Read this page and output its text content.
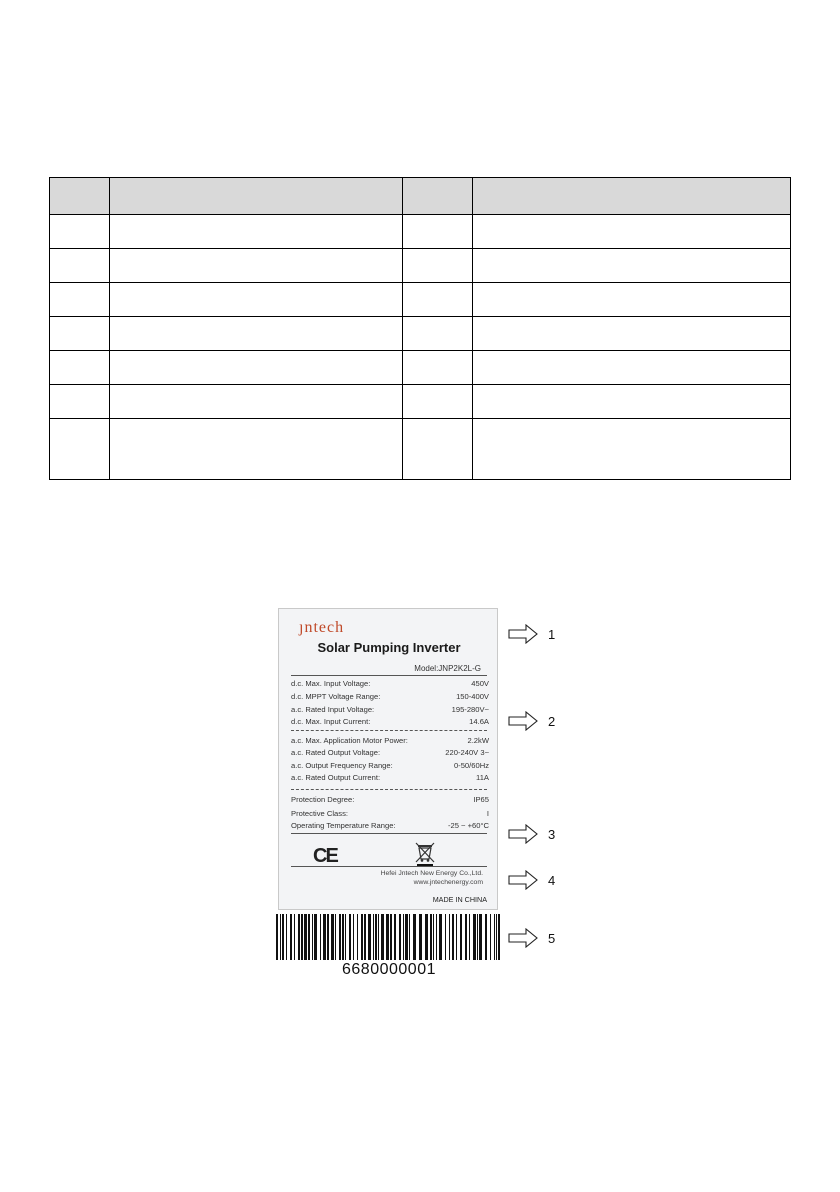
ȷntech
Solar Pumping Inverter
Model:JNP2K2L-G
d.c. Max. Input Voltage:	450V
d.c. MPPT Voltage Range:	150-400V
a.c. Rated Input Voltage:	195-280V~
d.c. Max. Input Current:	14.6A
a.c. Max. Application Motor Power:	2.2kW
a.c. Rated Output Voltage:	220-240V 3~
a.c. Output Frequency Range:	0-50/60Hz
a.c. Rated Output Current:	11A
Protection Degree:	IP65
Protective Class:	I
Operating Temperature Range:	-25 ~ +60°C
CE
Hefei Jntech New Energy Co.,Ltd.
www.jntechenergy.com
MADE IN CHINA
6680000001
1
2
3
4
5
